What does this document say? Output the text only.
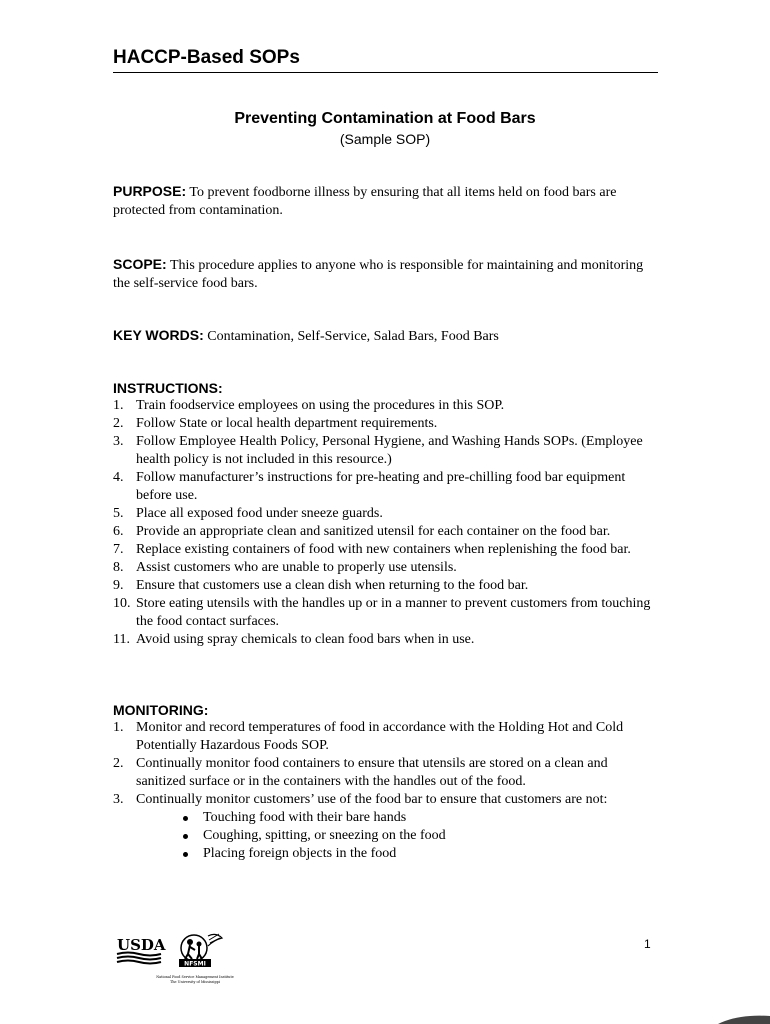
HACCP-Based SOPs
Preventing Contamination at Food Bars
(Sample SOP)
PURPOSE: To prevent foodborne illness by ensuring that all items held on food bars are protected from contamination.
SCOPE: This procedure applies to anyone who is responsible for maintaining and monitoring the self-service food bars.
KEY WORDS: Contamination, Self-Service, Salad Bars, Food Bars
INSTRUCTIONS:
1. Train foodservice employees on using the procedures in this SOP.
2. Follow State or local health department requirements.
3. Follow Employee Health Policy, Personal Hygiene, and Washing Hands SOPs. (Employee health policy is not included in this resource.)
4. Follow manufacturer’s instructions for pre-heating and pre-chilling food bar equipment before use.
5. Place all exposed food under sneeze guards.
6. Provide an appropriate clean and sanitized utensil for each container on the food bar.
7. Replace existing containers of food with new containers when replenishing the food bar.
8. Assist customers who are unable to properly use utensils.
9. Ensure that customers use a clean dish when returning to the food bar.
10. Store eating utensils with the handles up or in a manner to prevent customers from touching the food contact surfaces.
11. Avoid using spray chemicals to clean food bars when in use.
MONITORING:
1. Monitor and record temperatures of food in accordance with the Holding Hot and Cold Potentially Hazardous Foods SOP.
2. Continually monitor food containers to ensure that utensils are stored on a clean and sanitized surface or in the containers with the handles out of the food.
3. Continually monitor customers’ use of the food bar to ensure that customers are not:
Touching food with their bare hands
Coughing, spitting, or sneezing on the food
Placing foreign objects in the food
USDA
NFSMI
National Food Service Management Institute
The University of Mississippi
1
